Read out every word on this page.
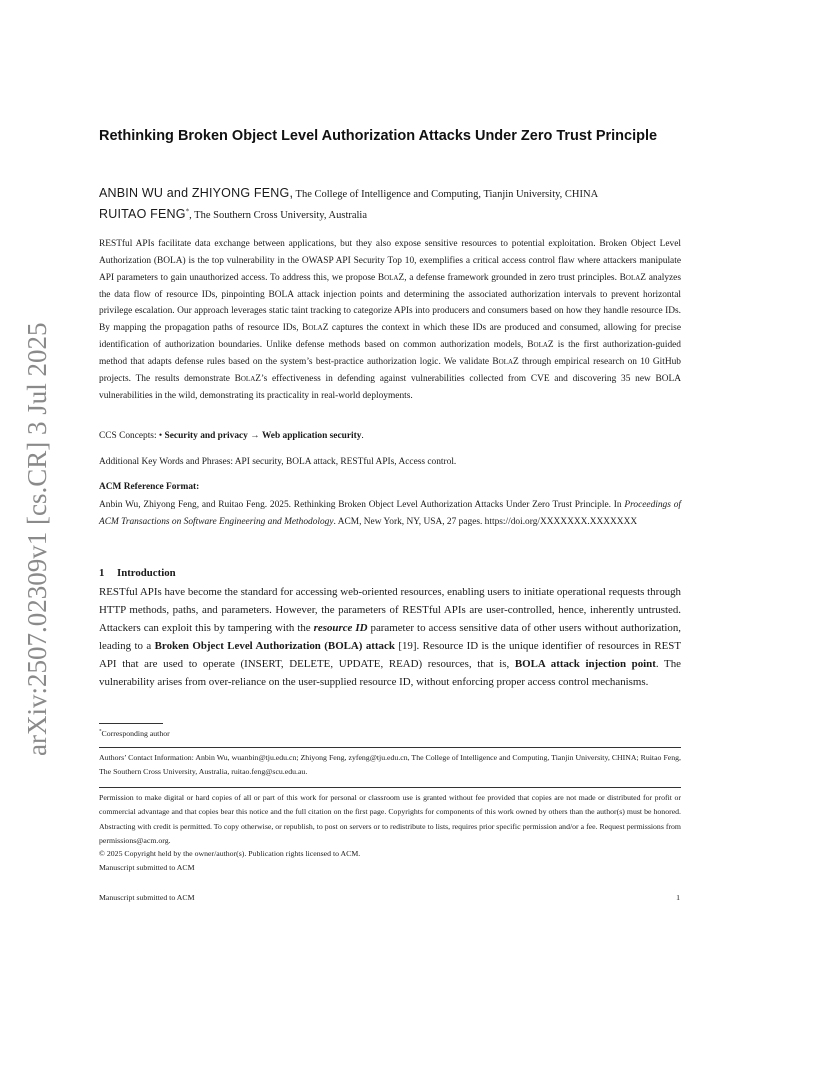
arXiv:2507.02309v1 [cs.CR] 3 Jul 2025
Rethinking Broken Object Level Authorization Attacks Under Zero Trust Principle
ANBIN WU and ZHIYONG FENG, The College of Intelligence and Computing, Tianjin University, CHINA
RUITAO FENG*, The Southern Cross University, Australia

RESTful APIs facilitate data exchange between applications, but they also expose sensitive resources to potential exploitation. Broken Object Level Authorization (BOLA) is the top vulnerability in the OWASP API Security Top 10, exemplifies a critical access control flaw where attackers manipulate API parameters to gain unauthorized access. To address this, we propose BolaZ, a defense framework grounded in zero trust principles. BolaZ analyzes the data flow of resource IDs, pinpointing BOLA attack injection points and determining the associated authorization intervals to prevent horizontal privilege escalation. Our approach leverages static taint tracking to categorize APIs into producers and consumers based on how they handle resource IDs. By mapping the propagation paths of resource IDs, BolaZ captures the context in which these IDs are produced and consumed, allowing for precise identification of authorization boundaries. Unlike defense methods based on common authorization models, BolaZ is the first authorization-guided method that adapts defense rules based on the system’s best-practice authorization logic. We validate BolaZ through empirical research on 10 GitHub projects. The results demonstrate BolaZ’s effectiveness in defending against vulnerabilities collected from CVE and discovering 35 new BOLA vulnerabilities in the wild, demonstrating its practicality in real-world deployments.

CCS Concepts: • Security and privacy → Web application security.

Additional Key Words and Phrases: API security, BOLA attack, RESTful APIs, Access control.

ACM Reference Format:

Anbin Wu, Zhiyong Feng, and Ruitao Feng. 2025. Rethinking Broken Object Level Authorization Attacks Under Zero Trust Principle. In Proceedings of ACM Transactions on Software Engineering and Methodology. ACM, New York, NY, USA, 27 pages. https://doi.org/XXXXXXX.XXXXXXX

1 Introduction

RESTful APIs have become the standard for accessing web-oriented resources, enabling users to initiate operational requests through HTTP methods, paths, and parameters. However, the parameters of RESTful APIs are user-controlled, hence, inherently untrusted. Attackers can exploit this by tampering with the resource ID parameter to access sensitive data of other users without authorization, leading to a Broken Object Level Authorization (BOLA) attack [19]. Resource ID is the unique identifier of resources in REST API that are used to operate (INSERT, DELETE, UPDATE, READ) resources, that is, BOLA attack injection point. The vulnerability arises from over-reliance on the user-supplied resource ID, without enforcing proper access control mechanisms.

*Corresponding author

Authors’ Contact Information: Anbin Wu, wuanbin@tju.edu.cn; Zhiyong Feng, zyfeng@tju.edu.cn, The College of Intelligence and Computing, Tianjin University, CHINA; Ruitao Feng, The Southern Cross University, Australia, ruitao.feng@scu.edu.au.

Permission to make digital or hard copies of all or part of this work for personal or classroom use is granted without fee provided that copies are not made or distributed for profit or commercial advantage and that copies bear this notice and the full citation on the first page. Copyrights for components of this work owned by others than the author(s) must be honored. Abstracting with credit is permitted. To copy otherwise, or republish, to post on servers or to redistribute to lists, requires prior specific permission and/or a fee. Request permissions from permissions@acm.org.

© 2025 Copyright held by the owner/author(s). Publication rights licensed to ACM.

Manuscript submitted to ACM

Manuscript submitted to ACM	1
